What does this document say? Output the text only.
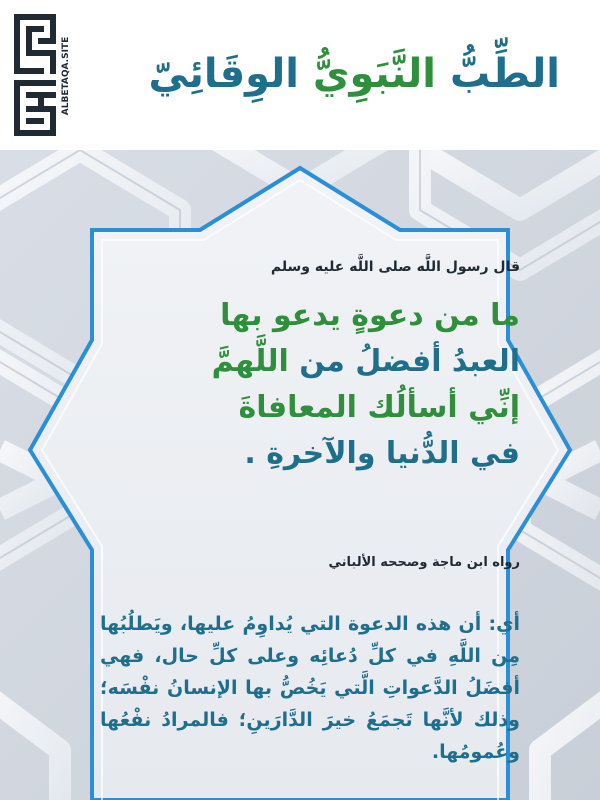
ALBETAQA.SITE	الطِّبُّ النَّبَوِيُّ الوِقَائِيّ

قال رسول اللَّه صلى اللَّه عليه وسلم

ما من دعوةٍ يدعو بها
العبدُ أفضلُ من اللَّهمَّ
إنِّي أسألُك المعافاةَ
في الدُّنيا والآخرةِ .

رواه ابن ماجة وصححه الألباني
أي: أن هذه الدعوة التي يُداوِمُ عليها، ويَطلُبُها مِن اللَّهِ في كلِّ دُعائِه وعلى كلِّ حال، فهي أفضَلُ الدَّعواتِ الَّتي يَخُصُّ بها الإنسانُ نفْسَه؛ وذلك لأنَّها تَجمَعُ خيرَ الدَّارَينِ؛ فالمرادُ نفْعُها وعُمومُها.
